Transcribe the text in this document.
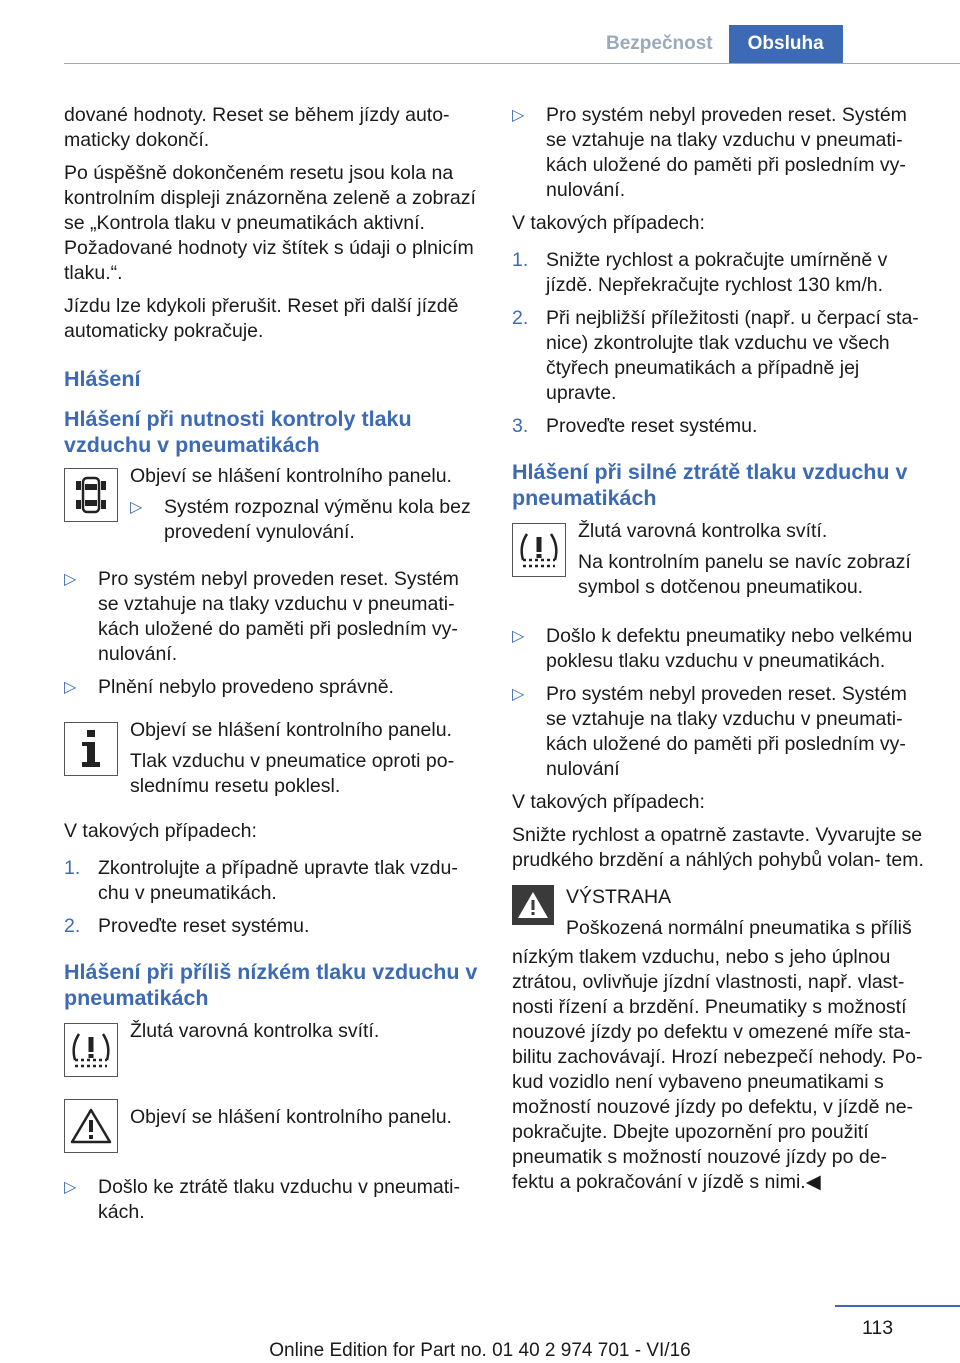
Bezpečnost	Obsluha

dované hodnoty. Reset se během jízdy auto‐ maticky dokončí.

Po úspěšně dokončeném resetu jsou kola na kontrolním displeji znázorněna zeleně a zobrazí se „Kontrola tlaku v pneumatikách aktivní. Požadované hodnoty viz štítek s údaji o plnicím tlaku.“.

Jízdu lze kdykoli přerušit. Reset při další jízdě automaticky pokračuje.

Hlášení
Hlášení při nutnosti kontroly tlaku vzduchu v pneumatikách

Objeví se hlášení kontrolního panelu.

▷ Systém rozpoznal výměnu kola bez provedení vynulování.
▷ Pro systém nebyl proveden reset. Systém se vztahuje na tlaky vzduchu v pneumati‐ kách uložené do paměti při posledním vy‐ nulování.
▷ Plnění nebylo provedeno správně.

Objeví se hlášení kontrolního panelu.

Tlak vzduchu v pneumatice oproti po‐ slednímu resetu poklesl.

V takových případech:

1. Zkontrolujte a případně upravte tlak vzdu‐ chu v pneumatikách.
2. Proveďte reset systému.
Hlášení při příliš nízkém tlaku vzduchu v pneumatikách

Žlutá varovná kontrolka svítí.

Objeví se hlášení kontrolního panelu.

▷ Došlo ke ztrátě tlaku vzduchu v pneumati‐ kách.
▷ Pro systém nebyl proveden reset. Systém se vztahuje na tlaky vzduchu v pneumati‐ kách uložené do paměti při posledním vy‐ nulování.

V takových případech:

1. Snižte rychlost a pokračujte umírněně v jízdě. Nepřekračujte rychlost 130 km/h.
2. Při nejbližší příležitosti (např. u čerpací sta‐ nice) zkontrolujte tlak vzduchu ve všech čtyřech pneumatikách a případně jej upravte.
3. Proveďte reset systému.
Hlášení při silné ztrátě tlaku vzduchu v pneumatikách

Žlutá varovná kontrolka svítí.

Na kontrolním panelu se navíc zobrazí symbol s dotčenou pneumatikou.

▷ Došlo k defektu pneumatiky nebo velkému poklesu tlaku vzduchu v pneumatikách.
▷ Pro systém nebyl proveden reset. Systém se vztahuje na tlaky vzduchu v pneumati‐ kách uložené do paměti při posledním vy‐ nulování

V takových případech:

Snižte rychlost a opatrně zastavte. Vyvarujte se prudkého brzdění a náhlých pohybů volan‐ tem.

VÝSTRAHA

Poškozená normální pneumatika s příliš

nízkým tlakem vzduchu, nebo s jeho úplnou ztrátou, ovlivňuje jízdní vlastnosti, např. vlast‐ nosti řízení a brzdění. Pneumatiky s možností nouzové jízdy po defektu v omezené míře sta‐ bilitu zachovávají. Hrozí nebezpečí nehody. Po‐ kud vozidlo není vybaveno pneumatikami s možností nouzové jízdy po defektu, v jízdě ne‐ pokračujte. Dbejte upozornění pro použití pneumatik s možností nouzové jízdy po de‐ fektu a pokračování v jízdě s nimi.◀

113
Online Edition for Part no. 01 40 2 974 701 - VI/16
